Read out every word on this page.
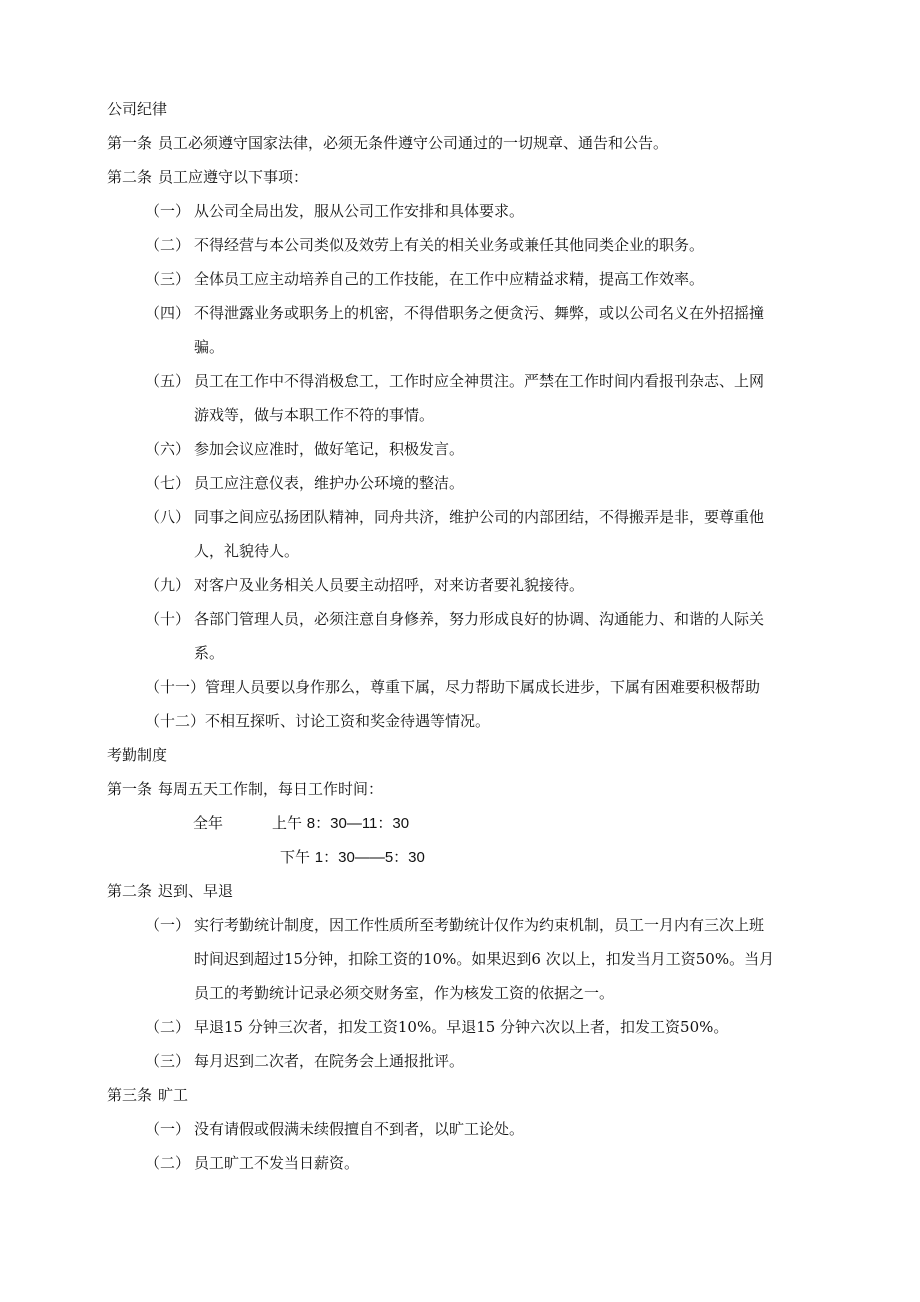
公司纪律
第一条 员工必须遵守国家法律，必须无条件遵守公司通过的一切规章、通告和公告。
第二条 员工应遵守以下事项：
（一） 从公司全局出发，服从公司工作安排和具体要求。
（二） 不得经营与本公司类似及效劳上有关的相关业务或兼任其他同类企业的职务。
（三） 全体员工应主动培养自己的工作技能，在工作中应精益求精，提高工作效率。
（四） 不得泄露业务或职务上的机密，不得借职务之便贪污、舞弊，或以公司名义在外招摇撞
骗。
（五） 员工在工作中不得消极怠工，工作时应全神贯注。严禁在工作时间内看报刊杂志、上网
游戏等，做与本职工作不符的事情。
（六） 参加会议应准时，做好笔记，积极发言。
（七） 员工应注意仪表，维护办公环境的整洁。
（八） 同事之间应弘扬团队精神，同舟共济，维护公司的内部团结，不得搬弄是非，要尊重他
人，礼貌待人。
（九） 对客户及业务相关人员要主动招呼，对来访者要礼貌接待。
（十） 各部门管理人员，必须注意自身修养，努力形成良好的协调、沟通能力、和谐的人际关
系。
（十一）管理人员要以身作那么，尊重下属，尽力帮助下属成长进步，下属有困难要积极帮助
（十二）不相互探听、讨论工资和奖金待遇等情况。
考勤制度
第一条 每周五天工作制，每日工作时间：
全年	上午 8：30—11：30
下午 1：30——5：30
第二条 迟到、早退
（一） 实行考勤统计制度，因工作性质所至考勤统计仅作为约束机制，员工一月内有三次上班
时间迟到超过15分钟，扣除工资的10%。如果迟到6 次以上，扣发当月工资50%。当月
员工的考勤统计记录必须交财务室，作为核发工资的依据之一。
（二） 早退15 分钟三次者，扣发工资10%。早退15 分钟六次以上者，扣发工资50%。
（三） 每月迟到二次者，在院务会上通报批评。
第三条 旷工
（一） 没有请假或假满未续假擅自不到者，以旷工论处。
（二） 员工旷工不发当日薪资。
